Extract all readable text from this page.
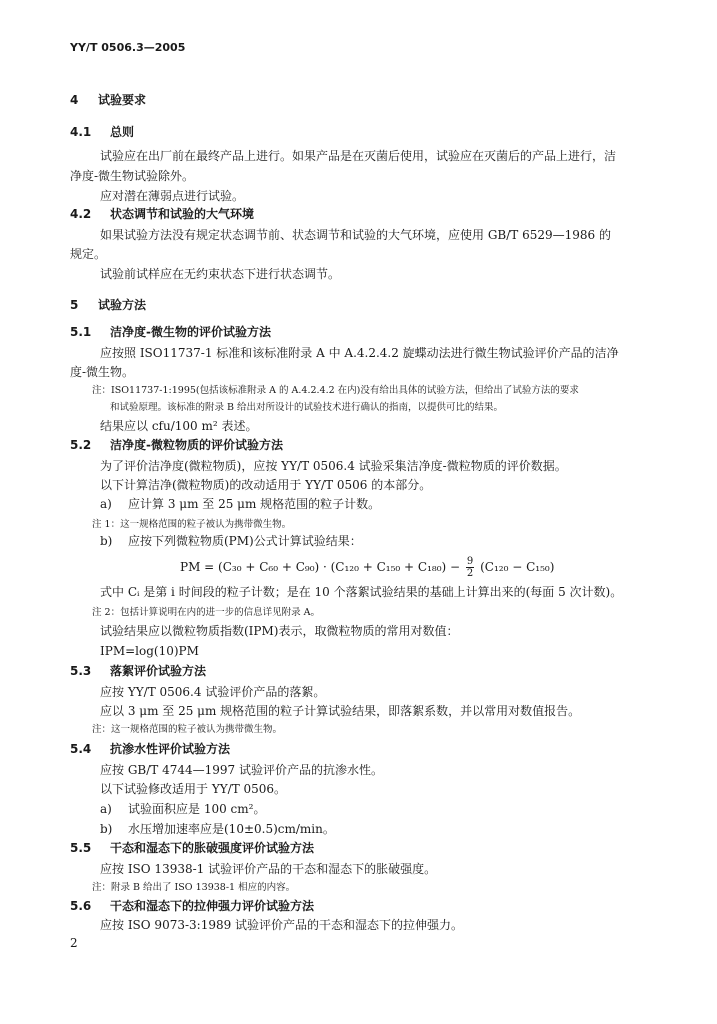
YY/T 0506.3—2005
4 试验要求
4.1 总则
试验应在出厂前在最终产品上进行。如果产品是在灭菌后使用，试验应在灭菌后的产品上进行，洁
净度-微生物试验除外。
应对潜在薄弱点进行试验。
4.2 状态调节和试验的大气环境
如果试验方法没有规定状态调节前、状态调节和试验的大气环境，应使用 GB/T 6529—1986 的
规定。
试验前试样应在无约束状态下进行状态调节。
5 试验方法
5.1 洁净度-微生物的评价试验方法
应按照 ISO11737-1 标准和该标准附录 A 中 A.4.2.4.2 旋蝶动法进行微生物试验评价产品的洁净
度-微生物。
注：ISO11737-1:1995(包括该标准附录 A 的 A.4.2.4.2 在内)没有给出具体的试验方法，但给出了试验方法的要求
和试验原理。该标准的附录 B 给出对所设计的试验技术进行确认的指南，以提供可比的结果。
结果应以 cfu/100 m² 表述。
5.2 洁净度-微粒物质的评价试验方法
为了评价洁净度(微粒物质)，应按 YY/T 0506.4 试验采集洁净度-微粒物质的评价数据。
以下计算洁净(微粒物质)的改动适用于 YY/T 0506 的本部分。
a) 应计算 3 μm 至 25 μm 规格范围的粒子计数。
注 1：这一规格范围的粒子被认为携带微生物。
b) 应按下列微粒物质(PM)公式计算试验结果：
PM = $(C_{30} + C_{60} + C_{90}) \cdot (C_{120} + C_{150} + C_{180}) - \frac{9}{2} (C_{120} - C_{150})$
式中 Cᵢ 是第 i 时间段的粒子计数；是在 10 个落絮试验结果的基础上计算出来的(每面 5 次计数)。
注 2：包括计算说明在内的进一步的信息详见附录 A。
试验结果应以微粒物质指数(IPM)表示，取微粒物质的常用对数值：
IPM=log(10)PM
5.3 落絮评价试验方法
应按 YY/T 0506.4 试验评价产品的落絮。
应以 3 μm 至 25 μm 规格范围的粒子计算试验结果，即落絮系数，并以常用对数值报告。
注：这一规格范围的粒子被认为携带微生物。
5.4 抗渗水性评价试验方法
应按 GB/T 4744—1997 试验评价产品的抗渗水性。
以下试验修改适用于 YY/T 0506。
a) 试验面积应是 100 cm²。
b) 水压增加速率应是(10±0.5)cm/min。
5.5 干态和湿态下的胀破强度评价试验方法
应按 ISO 13938-1 试验评价产品的干态和湿态下的胀破强度。
注：附录 B 给出了 ISO 13938-1 相应的内容。
5.6 干态和湿态下的拉伸强力评价试验方法
应按 ISO 9073-3:1989 试验评价产品的干态和湿态下的拉伸强力。
2
